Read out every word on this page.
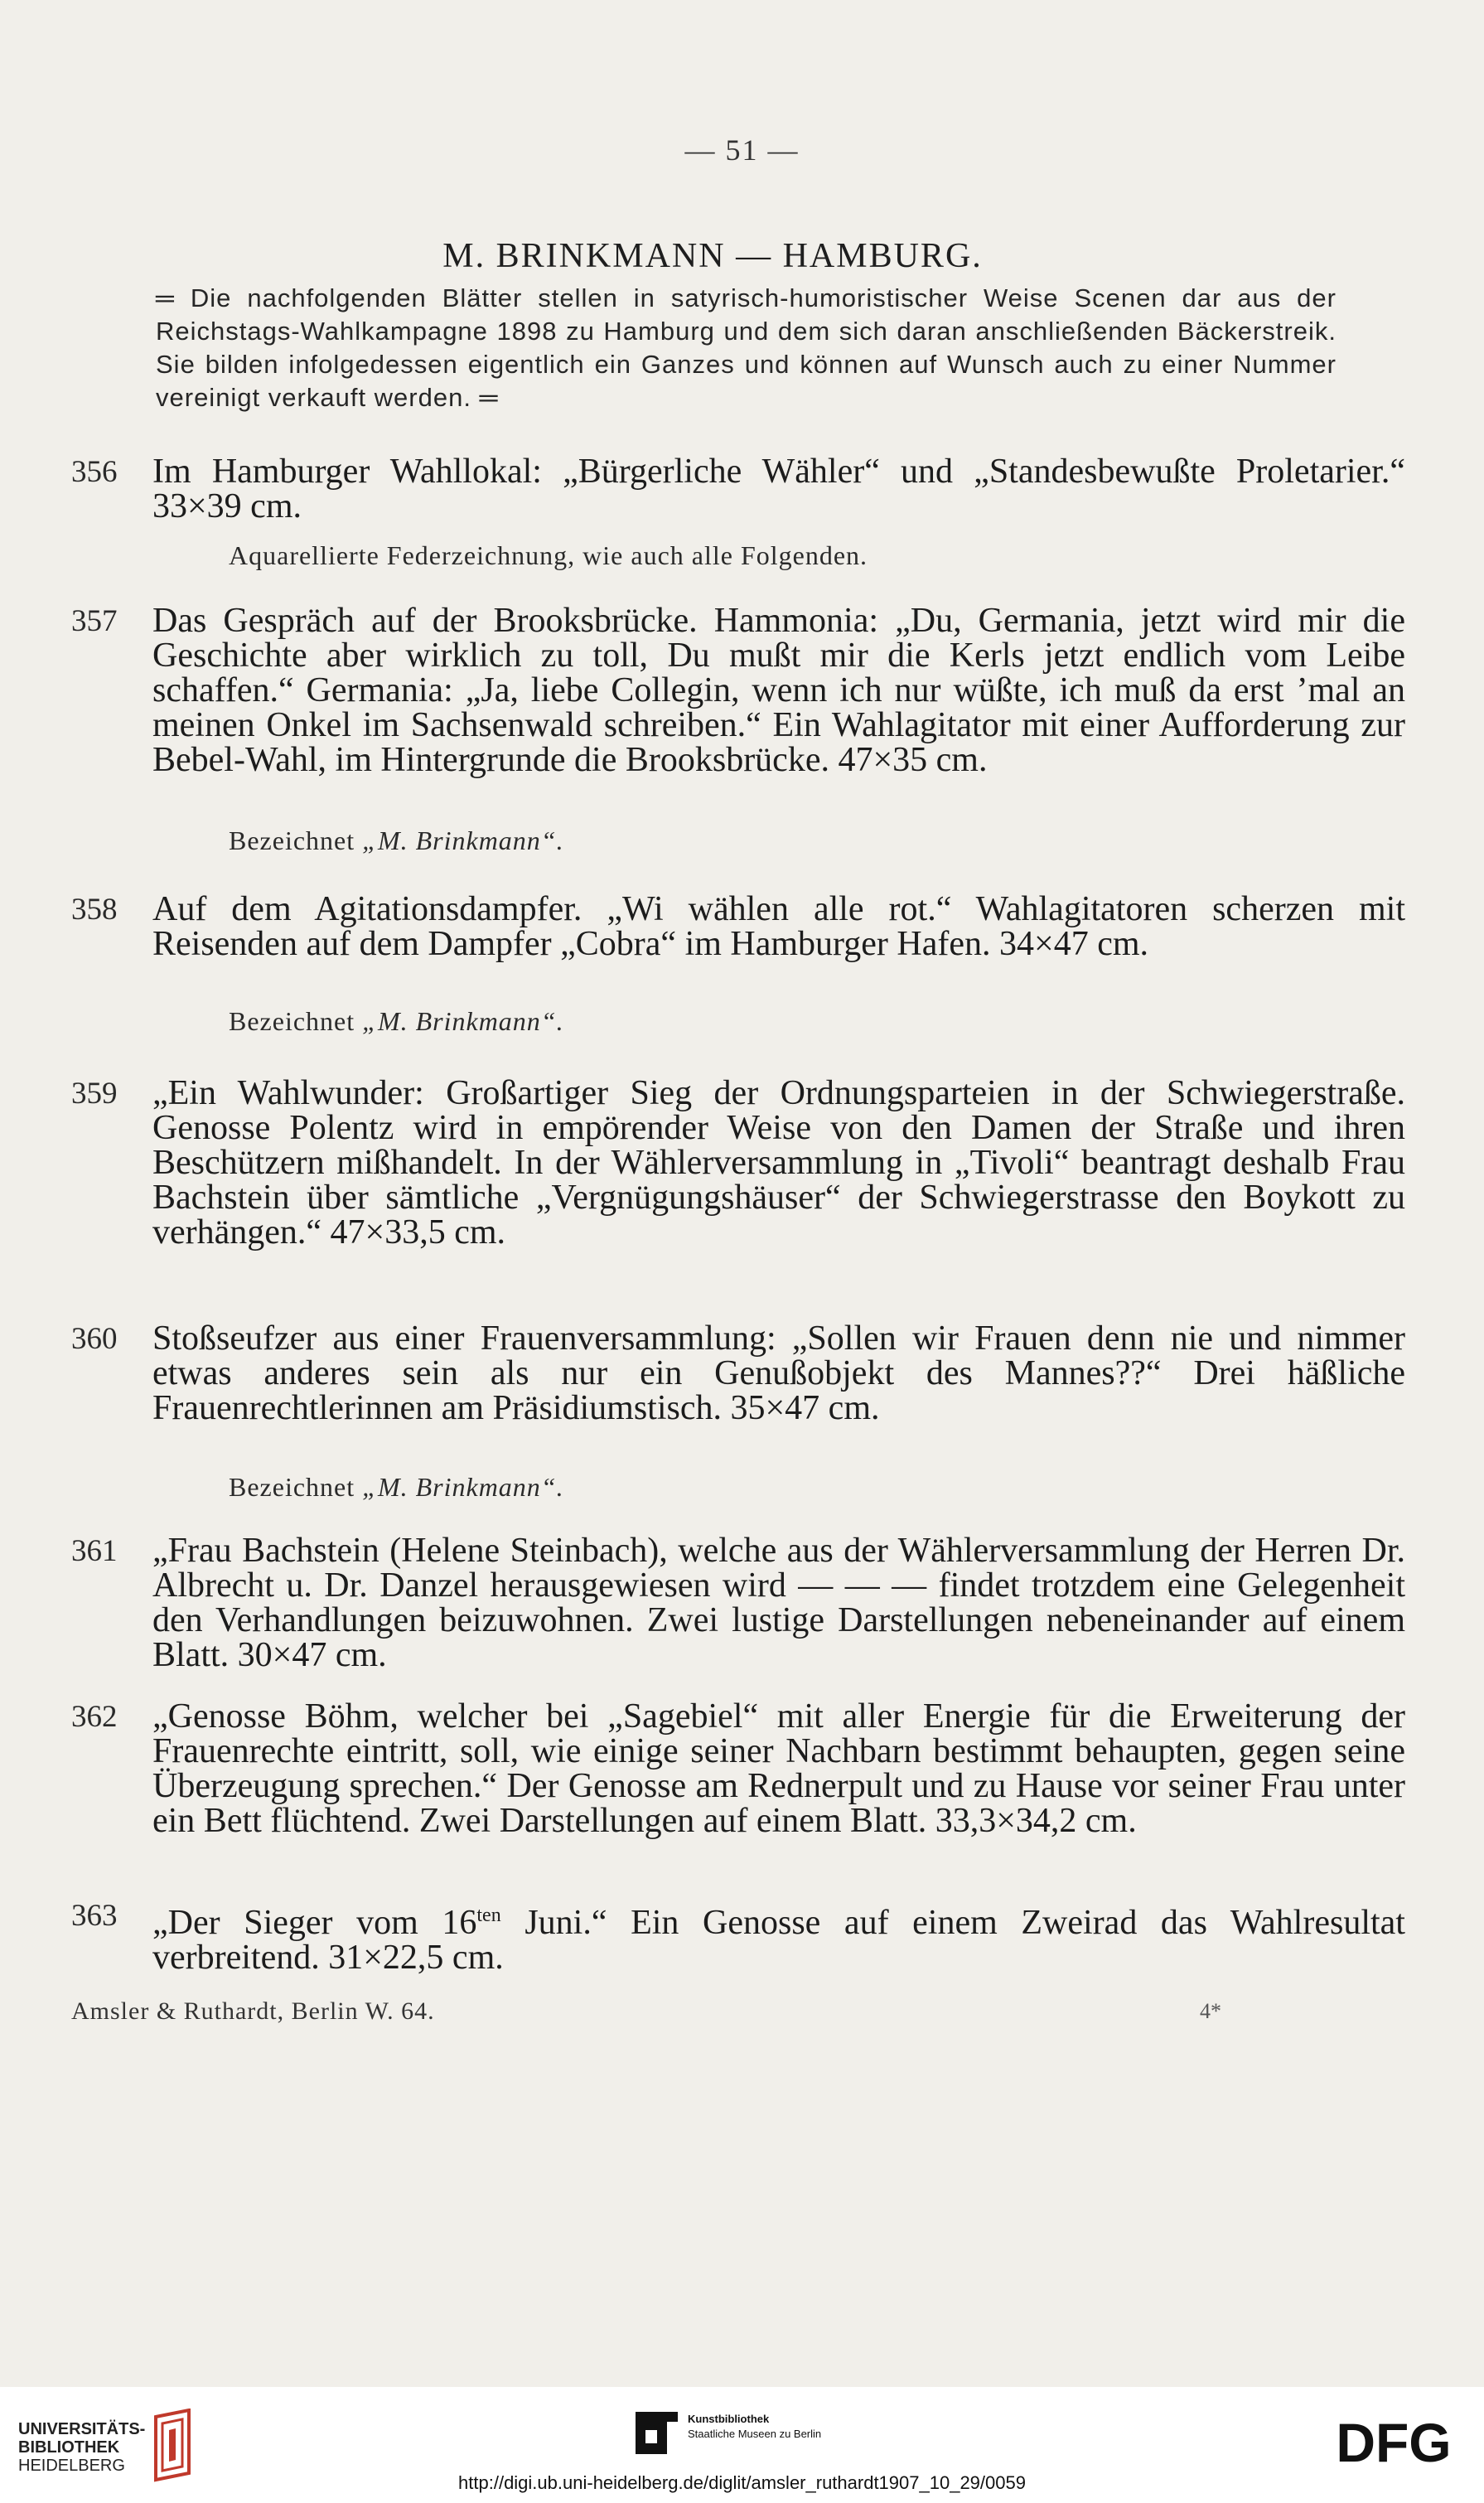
— 51 —
M. BRINKMANN — HAMBURG.
═ Die nachfolgenden Blätter stellen in satyrisch-humoristischer Weise Scenen dar aus der Reichstags-Wahlkampagne 1898 zu Hamburg und dem sich daran anschließenden Bäckerstreik. Sie bilden infolgedessen eigentlich ein Ganzes und können auf Wunsch auch zu einer Nummer vereinigt verkauft werden. ═
356 Im Hamburger Wahllokal: „Bürgerliche Wähler“ und „Standesbewußte Proletarier.“ 33×39 cm.
Aquarellierte Federzeichnung, wie auch alle Folgenden.
357 Das Gespräch auf der Brooksbrücke. Hammonia: „Du, Germania, jetzt wird mir die Geschichte aber wirklich zu toll, Du mußt mir die Kerls jetzt endlich vom Leibe schaffen.“ Germania: „Ja, liebe Collegin, wenn ich nur wüßte, ich muß da erst ’mal an meinen Onkel im Sachsenwald schreiben.“ Ein Wahlagitator mit einer Aufforderung zur Bebel-Wahl, im Hintergrunde die Brooksbrücke. 47×35 cm.
Bezeichnet „M. Brinkmann“.
358 Auf dem Agitationsdampfer. „Wi wählen alle rot.“ Wahlagitatoren scherzen mit Reisenden auf dem Dampfer „Cobra“ im Hamburger Hafen. 34×47 cm.
Bezeichnet „M. Brinkmann“.
359 „Ein Wahlwunder: Großartiger Sieg der Ordnungsparteien in der Schwiegerstraße. Genosse Polentz wird in empörender Weise von den Damen der Straße und ihren Beschützern mißhandelt. In der Wählerversammlung in „Tivoli“ beantragt deshalb Frau Bachstein über sämtliche „Vergnügungshäuser“ der Schwiegerstrasse den Boykott zu verhängen.“ 47×33,5 cm.
360 Stoßseufzer aus einer Frauenversammlung: „Sollen wir Frauen denn nie und nimmer etwas anderes sein als nur ein Genußobjekt des Mannes??“ Drei häßliche Frauenrechtlerinnen am Präsidiumstisch. 35×47 cm.
Bezeichnet „M. Brinkmann“.
361 „Frau Bachstein (Helene Steinbach), welche aus der Wählerversammlung der Herren Dr. Albrecht u. Dr. Danzel herausgewiesen wird — — — findet trotzdem eine Gelegenheit den Verhandlungen beizuwohnen. Zwei lustige Darstellungen nebeneinander auf einem Blatt. 30×47 cm.
362 „Genosse Böhm, welcher bei „Sagebiel“ mit aller Energie für die Erweiterung der Frauenrechte eintritt, soll, wie einige seiner Nachbarn bestimmt behaupten, gegen seine Überzeugung sprechen.“ Der Genosse am Rednerpult und zu Hause vor seiner Frau unter ein Bett flüchtend. Zwei Darstellungen auf einem Blatt. 33,3×34,2 cm.
363 „Der Sieger vom $16^{ten}$ Juni.“ Ein Genosse auf einem Zweirad das Wahlresultat verbreitend. 31×22,5 cm.
Amsler & Ruthardt, Berlin W. 64.	4*
UNIVERSITÄTS-
BIBLIOTHEK
HEIDELBERG
Kunstbibliothek
Staatliche Museen zu Berlin	DFG
http://digi.ub.uni-heidelberg.de/diglit/amsler_ruthardt1907_10_29/0059
